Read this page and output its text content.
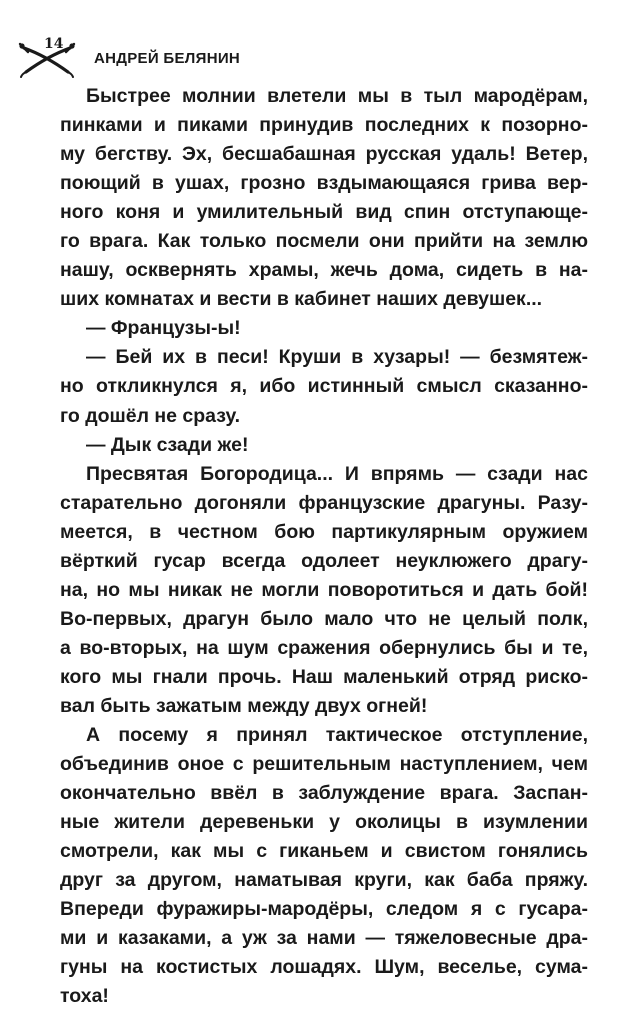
14
АНДРЕЙ БЕЛЯНИН
Быстрее молнии влетели мы в тыл мародёрам,
пинками и пиками принудив последних к позорно-
му бегству. Эх, бесшабашная русская удаль! Ветер,
поющий в ушах, грозно вздымающаяся грива вер-
ного коня и умилительный вид спин отступающе-
го врага. Как только посмели они прийти на землю
нашу, осквернять храмы, жечь дома, сидеть в на-
ших комнатах и вести в кабинет наших девушек...
— Французы-ы!
— Бей их в песи! Круши в хузары! — безмятеж-
но откликнулся я, ибо истинный смысл сказанно-
го дошёл не сразу.
— Дык сзади же!
Пресвятая Богородица... И впрямь — сзади нас
старательно догоняли французские драгуны. Разу-
меется, в честном бою партикулярным оружием
вёрткий гусар всегда одолеет неуклюжего драгу-
на, но мы никак не могли поворотиться и дать бой!
Во-первых, драгун было мало что не целый полк,
а во-вторых, на шум сражения обернулись бы и те,
кого мы гнали прочь. Наш маленький отряд риско-
вал быть зажатым между двух огней!
А посему я принял тактическое отступление,
объединив оное с решительным наступлением, чем
окончательно ввёл в заблуждение врага. Заспан-
ные жители деревеньки у околицы в изумлении
смотрели, как мы с гиканьем и свистом гонялись
друг за другом, наматывая круги, как баба пряжу.
Впереди фуражиры-мародёры, следом я с гусара-
ми и казаками, а уж за нами — тяжеловесные дра-
гуны на костистых лошадях. Шум, веселье, сума-
тоха!
